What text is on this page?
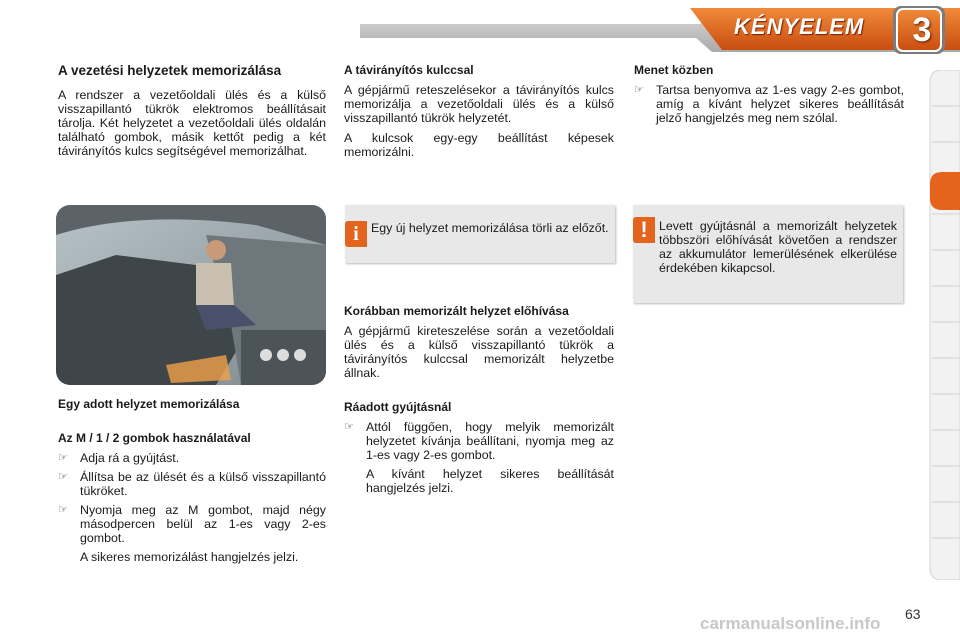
KÉNYELEM	3
A vezetési helyzetek memorizálása

A rendszer a vezetőoldali ülés és a külső visszapillantó tükrök elektromos beállításait tárolja. Két helyzetet a vezetőoldali ülés oldalán található gombok, másik kettőt pedig a két távirányítós kulcs segítségével memorizálhat.

Egy adott helyzet memorizálása
Az M / 1 / 2 gombok használatával
☞ Adja rá a gyújtást.
☞ Állítsa be az ülését és a külső visszapillantó tükröket.
☞ Nyomja meg az M gombot, majd négy másodpercen belül az 1-es vagy 2-es gombot.

A sikeres memorizálást hangjelzés jelzi.

A távirányítós kulccsal

A gépjármű reteszelésekor a távirányítós kulcs memorizálja a vezetőoldali ülés és a külső visszapillantó tükrök helyzetét.

A kulcsok egy-egy beállítást képesek memorizálni.

i Egy új helyzet memorizálása törli az előzőt.
Korábban memorizált helyzet előhívása

A gépjármű kireteszelése során a vezetőoldali ülés és a külső visszapillantó tükrök a távirányítós kulccsal memorizált helyzetbe állnak.

Ráadott gyújtásnál
☞ Attól függően, hogy melyik memorizált helyzetet kívánja beállítani, nyomja meg az 1-es vagy 2-es gombot.

A kívánt helyzet sikeres beállítását hangjelzés jelzi.

Menet közben
☞ Tartsa benyomva az 1-es vagy 2-es gombot, amíg a kívánt helyzet sikeres beállítását jelző hangjelzés meg nem szólal.
! Levett gyújtásnál a memorizált helyzetek többszöri előhívását követően a rendszer az akkumulátor lemerülésének elkerülése érdekében kikapcsol.
carmanualsonline.info 63
